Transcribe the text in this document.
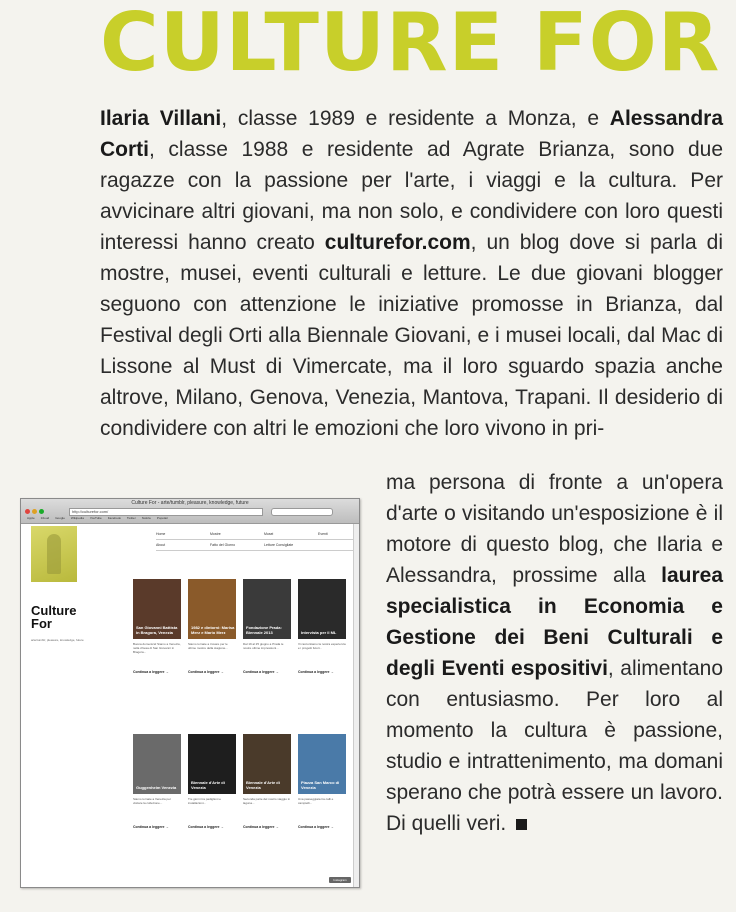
CULTURE FOR
Ilaria Villani, classe 1989 e residente a Monza, e Alessandra Corti, classe 1988 e residente ad Agrate Brianza, sono due ragazze con la passione per l'arte, i viaggi e la cultura. Per avvicinare altri giovani, ma non solo, e condividere con loro questi interessi hanno creato culturefor.com, un blog dove si parla di mostre, musei, eventi culturali e letture. Le due giovani blogger seguono con attenzione le iniziative promosse in Brianza, dal Festival degli Orti alla Biennale Giovani, e i musei locali, dal Mac di Lissone al Must di Vimercate, ma il loro sguardo spazia anche altrove, Milano, Genova, Venezia, Mantova, Trapani. Il desiderio di condividere con altri le emozioni che loro vivono in pri-
Culture For - arte/tumblr, pleasure, knowledge, future
http://culturefor.com/
Apple iCloud Google Wikipedia YouTube Facebook Twitter Notizie Popolari
Culture For
arte/tumblr, pleasure, knowledge, future
Home	Mostre	Musei	Eventi
About	Fatto del Giorno	Letture Consigliate
San Giovanni Battista in Bragora, Venezia
Buona domenica! Siamo a Venezia, nella chiesa di San Giovanni in Bragora...
Continua a leggere →
1982 e dintorni: Marisa Merz e Mario Merz
Siamo tornate a trovare per le ultime mostre della stagione...
Continua a leggere →
Fondazione Prada: Biennale 2013
Dal 19 al 25 giugno a Prada le nostre ultime impressioni...
Continua a leggere →
Intervista per il ML
Vi raccontiamo la nostra esperienza e i progetti futuri...
Continua a leggere →
Guggenheim Venezia
Siamo tornate a Venezia per visitare la collezione...
Continua a leggere →
Biennale d'Arte di Venezia
Tre giorni tra padiglioni e installazioni...
Continua a leggere →
Biennale d'Arte di Venezia
Seconda parte del nostro viaggio in laguna...
Continua a leggere →
Piazza San Marco di Venezia
Una passeggiata tra calli e campielli...
Continua a leggere →
Instagram
ma persona di fronte a un'opera d'arte o visitando un'esposizione è il motore di questo blog, che Ilaria e Alessandra, prossime alla laurea specialistica in Economia e Gestione dei Beni Culturali e degli Eventi espositivi, alimentano con entusiasmo. Per loro al momento la cultura è passione, studio e intrattenimento, ma domani sperano che potrà essere un lavoro. Di quelli veri.
